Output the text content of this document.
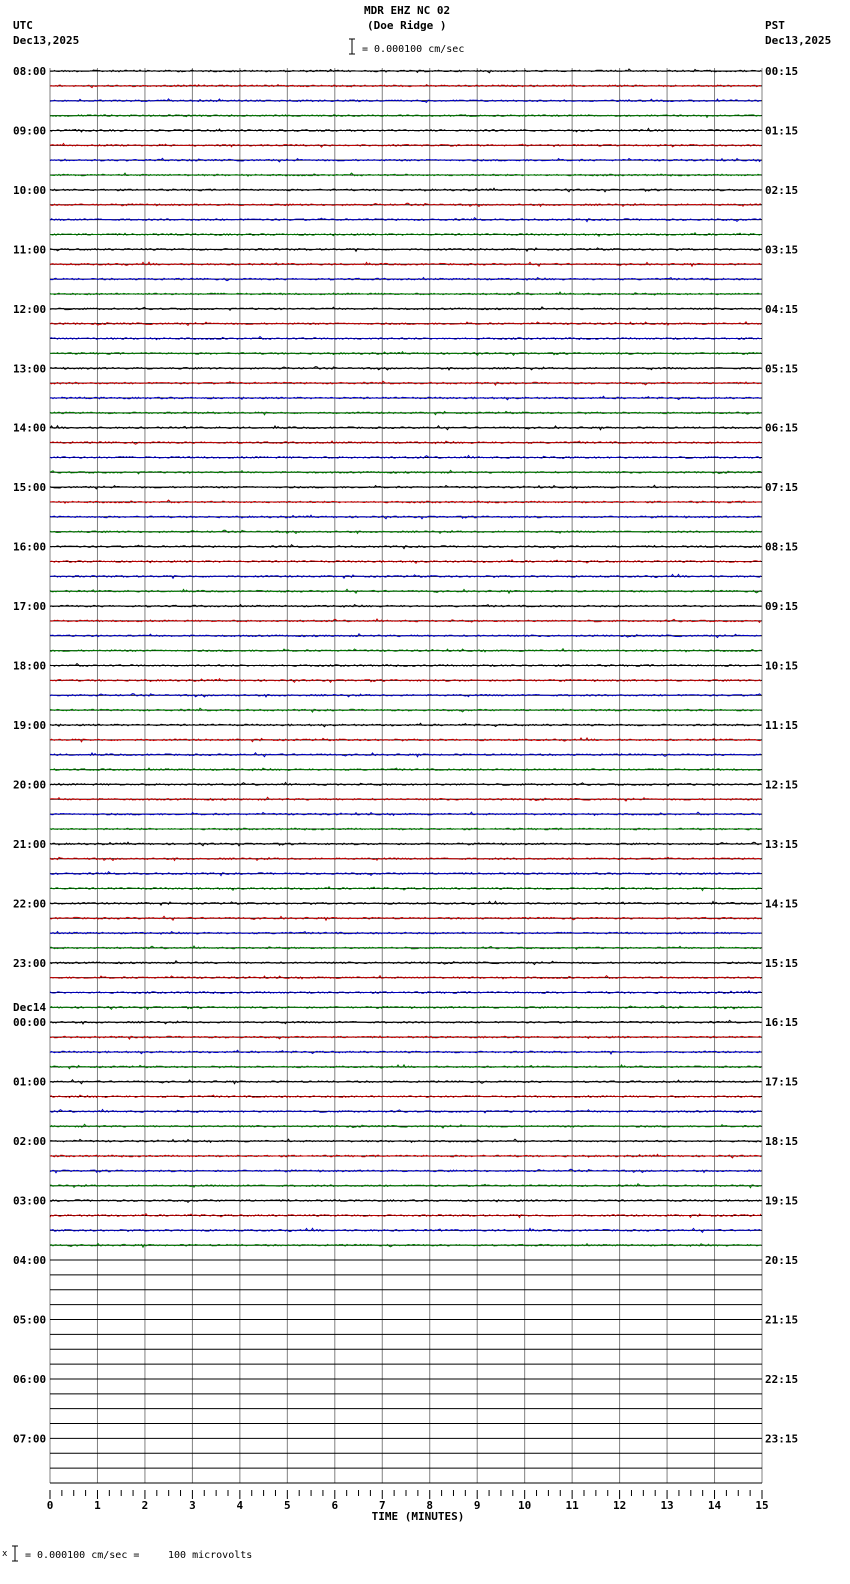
MDR EHZ NC 02
(Doe Ridge )
= 0.000100 cm/sec
UTC
Dec13,2025
PST
Dec13,2025
08:00
09:00
10:00
11:00
12:00
13:00
14:00
15:00
16:00
17:00
18:00
19:00
20:00
21:00
22:00
23:00
00:00
01:00
02:00
03:00
04:00
05:00
06:00
07:00
00:15
01:15
02:15
03:15
04:15
05:15
06:15
07:15
08:15
09:15
10:15
11:15
12:15
13:15
14:15
15:15
16:15
17:15
18:15
19:15
20:15
21:15
22:15
23:15
Dec14
0	1	2	3	4	5	6	7	8	9	10	11	12	13	14	15
TIME (MINUTES)
x = 0.000100 cm/sec =	100 microvolts
